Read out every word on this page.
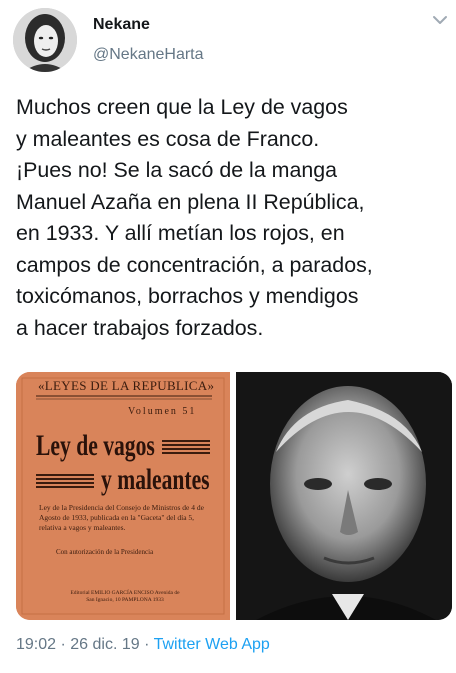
Nekane
@NekaneHarta
Muchos creen que la Ley de vagos
y maleantes es cosa de Franco.
¡Pues no! Se la sacó de la manga
Manuel Azaña en plena II República,
en 1933. Y allí metían los rojos, en
campos de concentración, a parados,
toxicómanos, borrachos y mendigos
a hacer trabajos forzados.
«LEYES DE LA REPUBLICA»
Volumen 51
Ley de vagos
y maleantes
Ley de la Presidencia del Consejo de Ministros de 4 de Agosto de 1933, publicada en la "Gaceta" del día 5, relativa a vagos y maleantes.
Con autorización de la Presidencia
Editorial EMILIO GARCÍA ENCISO Avenida de San Ignacio, 10 PAMPLONA 1933
19:02 · 26 dic. 19 · Twitter Web App
